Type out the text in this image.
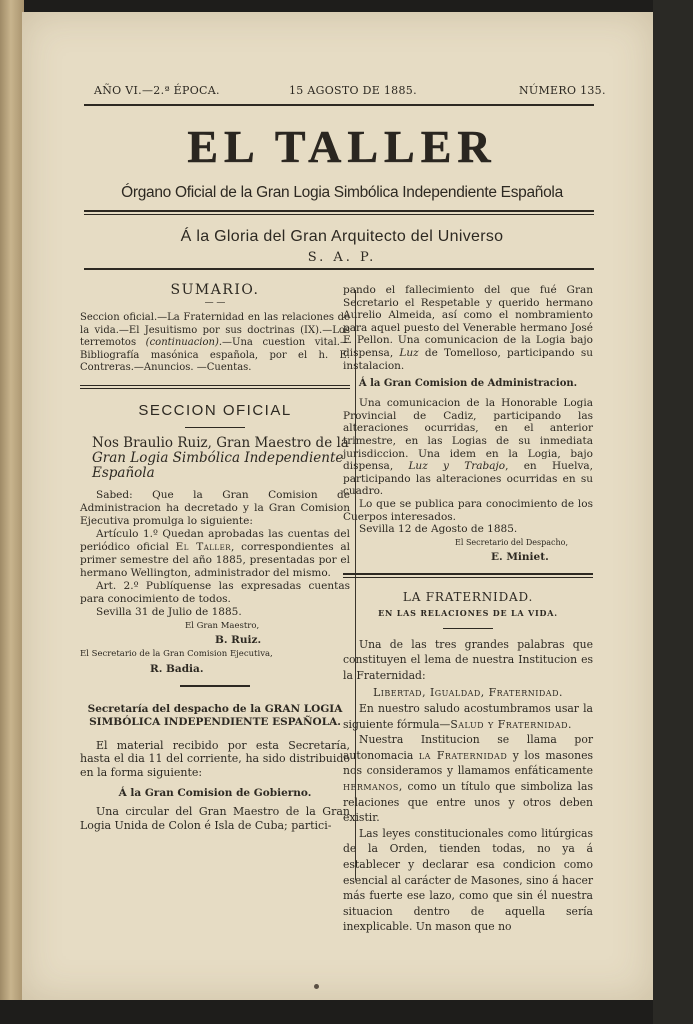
AÑO VI.—2.ª ÉPOCA.	15 AGOSTO DE 1885.	NÚMERO 135.
EL TALLER
Órgano Oficial de la Gran Logia Simbólica Independiente Española
Á la Gloria del Gran Arquitecto del Universo
S. A. P.
SUMARIO.
— —

Seccion oficial.—La Fraternidad en las relaciones de la vida.—El Jesuitismo por sus doctrinas (IX).—Los terremotos (continuacion).—Una cuestion vital.—Bibliografía masónica española, por el h. E. Contreras.—Anuncios. —Cuentas.

SECCION OFICIAL

Nos Braulio Ruiz, Gran Maestro de la Gran Logia Simbólica Independiente Española

Sabed: Que la Gran Comision de Administracion ha decretado y la Gran Comision Ejecutiva promulga lo siguiente:

Artículo 1.º Quedan aprobadas las cuentas del periódico oficial El Taller, correspondientes al primer semestre del año 1885, presentadas por el hermano Wellington, administrador del mismo.

Art. 2.º Publíquense las expresadas cuentas para conocimiento de todos.

Sevilla 31 de Julio de 1885.

El Gran Maestro,

B. Ruiz.

El Secretario de la Gran Comision Ejecutiva,

R. Badia.

Secretaría del despacho de la GRAN LOGIA SIMBÓLICA INDEPENDIENTE ESPAÑOLA.

El material recibido por esta Secretaría, hasta el dia 11 del corriente, ha sido distribuido en la forma siguiente:

Á la Gran Comision de Gobierno.

Una circular del Gran Maestro de la Gran Logia Unida de Colon é Isla de Cuba; partici-

pando el fallecimiento del que fué Gran Secretario el Respetable y querido hermano Aurelio Almeida, así como el nombramiento para aquel puesto del Venerable hermano José F. Pellon. Una comunicacion de la Logia bajo dispensa, Luz de Tomelloso, participando su instalacion.

Á la Gran Comision de Administracion.

Una comunicacion de la Honorable Logia Provincial de Cadiz, participando las alteraciones ocurridas, en el anterior trimestre, en las Logias de su inmediata jurisdiccion. Una idem en la Logia, bajo dispensa, Luz y Trabajo, en Huelva, participando las alteraciones ocurridas en su cuadro.

Lo que se publica para conocimiento de los Cuerpos interesados.

Sevilla 12 de Agosto de 1885.

El Secretario del Despacho,

E. Miniet.

LA FRATERNIDAD.

EN LAS RELACIONES DE LA VIDA.

Una de las tres grandes palabras que constituyen el lema de nuestra Institucion es la Fraternidad:

Libertad, Igualdad, Fraternidad.

En nuestro saludo acostumbramos usar la siguiente fórmula—Salud y Fraternidad.

Nuestra Institucion se llama por autonomacia la Fraternidad y los masones nos consideramos y llamamos enfáticamente hermanos, como un título que simboliza las relaciones que entre unos y otros deben existir.

Las leyes constitucionales como litúrgicas de la Orden, tienden todas, no ya á establecer y declarar esa condicion como esencial al carácter de Masones, sino á hacer más fuerte ese lazo, como que sin él nuestra situacion dentro de aquella sería inexplicable. Un mason que no
